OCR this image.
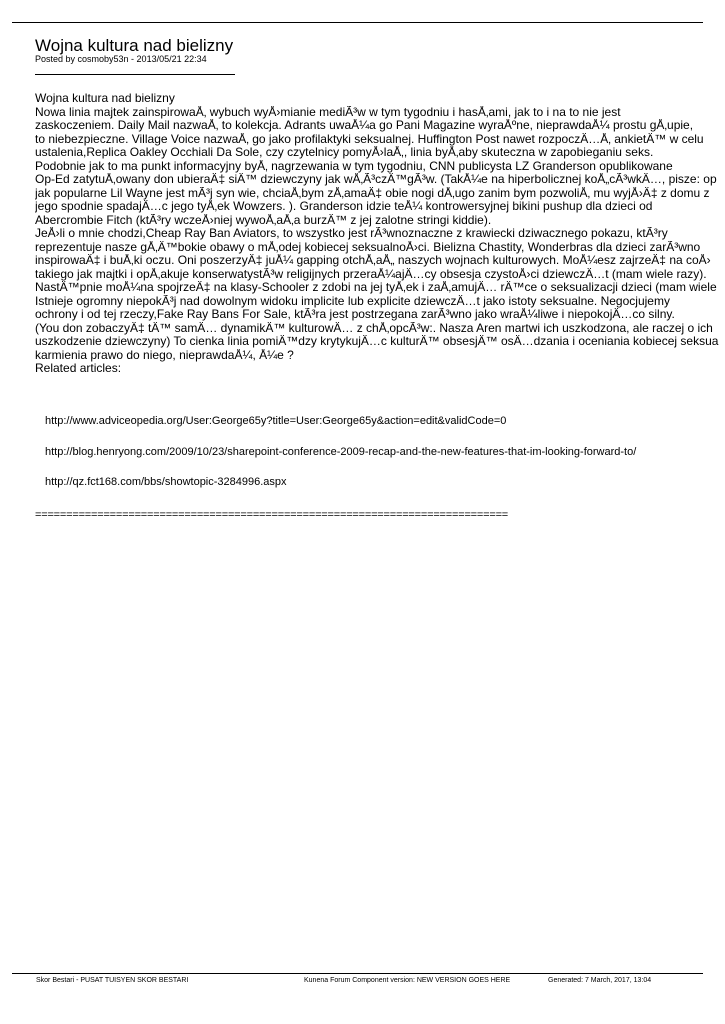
Wojna kultura nad bielizny
Posted by cosmoby53n - 2013/05/21 22:34
Wojna kultura nad bielizny
Nowa linia majtek zainspirowaÅ‚ wybuch wyÅ›mianie mediÃ³w w tym tygodniu i hasÅ‚ami, jak to i na to nie jest
zaskoczeniem. Daily Mail nazwaÅ‚ to kolekcja. Adrants uwaÅ¼a go Pani Magazine wyraÅºne, nieprawdaÅ¼ prostu gÅ‚upie,
to niebezpieczne. Village Voice nazwaÅ‚ go jako profilaktyki seksualnej. Huffington Post nawet rozpoczÄ…Å‚ ankietÄ™ w celu
ustalenia,Replica Oakley Occhiali Da Sole, czy czytelnicy pomyÅ›laÅ‚, linia byÅ‚aby skuteczna w zapobieganiu seks.
Podobnie jak to ma punkt informacyjny byÅ‚ nagrzewania w tym tygodniu, CNN publicysta LZ Granderson opublikowane
Op-Ed zatytuÅ‚owany don ubieraÄ‡ siÄ™ dziewczyny jak wÅ‚Ã³czÄ™gÃ³w. (TakÅ¼e na hiperbolicznej koÅ„cÃ³wkÄ…, pisze: op
jak popularne Lil Wayne jest mÃ³j syn wie, chciaÅ‚bym zÅ‚amaÄ‡ obie nogi dÅ‚ugo zanim bym pozwoliÅ‚ mu wyjÅ›Ä‡ z domu z
jego spodnie spadajÄ…c jego tyÅ‚ek Wowzers. ). Granderson idzie teÅ¼ kontrowersyjnej bikini pushup dla dzieci od
Abercrombie Fitch (ktÃ³ry wczeÅ›niej wywoÅ‚aÅ‚a burzÄ™ z jej zalotne stringi kiddie).
JeÅ›li o mnie chodzi,Cheap Ray Ban Aviators, to wszystko jest rÃ³wnoznaczne z krawiecki dziwacznego pokazu, ktÃ³ry
reprezentuje nasze gÅ‚Ä™bokie obawy o mÅ‚odej kobiecej seksualnoÅ›ci. Bielizna Chastity, Wonderbras dla dzieci zarÃ³wno
inspirowaÄ‡ i buÅ‚ki oczu. Oni poszerzyÄ‡ juÅ¼ gapping otchÅ‚aÅ„ naszych wojnach kulturowych. MoÅ¼esz zajrzeÄ‡ na coÅ›
takiego jak majtki i opÅ‚akuje konserwatystÃ³w religijnych przeraÅ¼ajÄ…cy obsesja czystoÅ›ci dziewczÄ…t (mam wiele razy).
NastÄ™pnie moÅ¼na spojrzeÄ‡ na klasy-Schooler z zdobi na jej tyÅ‚ek i zaÅ‚amujÄ… rÄ™ce o seksualizacji dzieci (mam wiele
Istnieje ogromny niepokÃ³j nad dowolnym widoku implicite lub explicite dziewczÄ…t jako istoty seksualne. Negocjujemy
ochrony i od tej rzeczy,Fake Ray Bans For Sale, ktÃ³ra jest postrzegana zarÃ³wno jako wraÅ¼liwe i niepokojÄ…co silny.
(You don zobaczyÄ‡ tÄ™ samÄ… dynamikÄ™ kulturowÄ… z chÅ‚opcÃ³w:. Nasza Aren martwi ich uszkodzona, ale raczej o ich
uszkodzenie dziewczyny) To cienka linia pomiÄ™dzy krytykujÄ…c kulturÄ™ obsesjÄ™ osÄ…dzania i oceniania kobiecej seksua
karmienia prawo do niego, nieprawdaÅ¼, Å¼e ?
Related articles:
http://www.adviceopedia.org/User:George65y?title=User:George65y&action=edit&validCode=0
http://blog.henryong.com/2009/10/23/sharepoint-conference-2009-recap-and-the-new-features-that-im-looking-forward-to/
http://qz.fct168.com/bbs/showtopic-3284996.aspx
============================================================================
Skor Bestari - PUSAT TUISYEN SKOR BESTARI	Kunena Forum Component version: NEW VERSION GOES HERE	Generated: 7 March, 2017, 13:04
